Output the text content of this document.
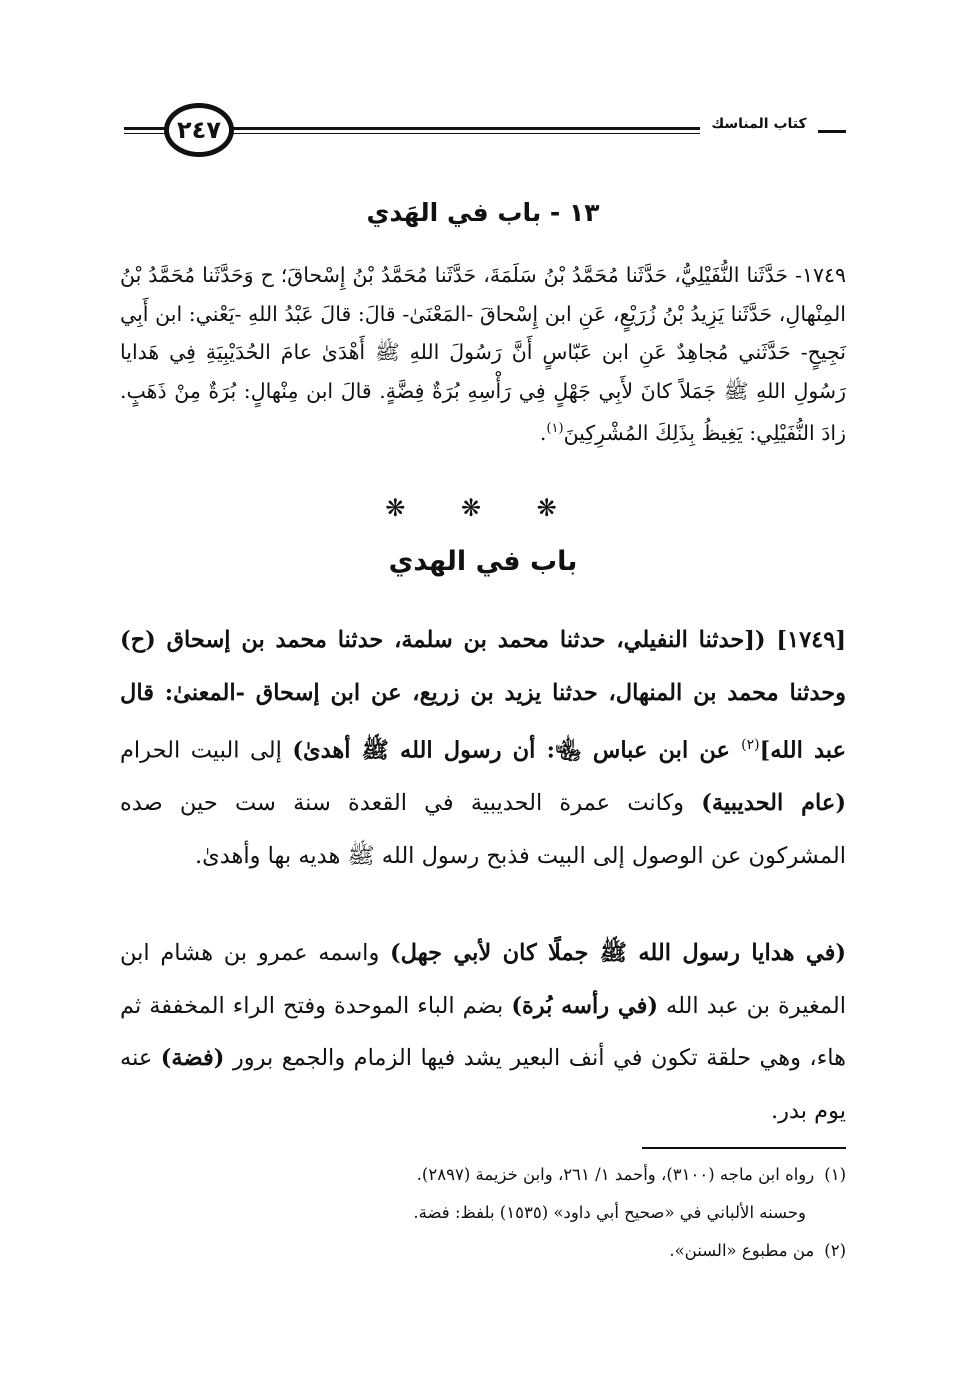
٢٤٧	كتاب المناسك
١٣ - باب في الهَدي
١٧٤٩- حَدَّثَنا النُّفَيْلِيُّ، حَدَّثَنا مُحَمَّدُ بْنُ سَلَمَةَ، حَدَّثَنا مُحَمَّدُ بْنُ إِسْحاقَ؛ ح وَحَدَّثَنا مُحَمَّدُ بْنُ المِنْهالِ، حَدَّثَنا يَزِيدُ بْنُ زُرَيْعٍ، عَنِ ابن إِسْحاقَ -المَعْنَىٰ- قالَ: قالَ عَبْدُ اللهِ -يَعْني: ابن أَبِي نَجِيحٍ- حَدَّثَني مُجاهِدٌ عَنِ ابن عَبّاسٍ أَنَّ رَسُولَ اللهِ ﷺ أَهْدَىٰ عامَ الحُدَيْبِيَةِ فِي هَدايا رَسُولِ اللهِ ﷺ جَمَلاً كانَ لأَبِي جَهْلٍ فِي رَأْسِهِ بُرَةٌ فِضَّةٍ. قالَ ابن مِنْهالٍ: بُرَةٌ مِنْ ذَهَبٍ. زادَ النُّفَيْلِي: يَغِيظُ بِذَلِكَ المُشْرِكِينَ$^{(١)}$.
❋ ❋ ❋
باب في الهدي
[١٧٤٩] ([حدثنا النفيلي، حدثنا محمد بن سلمة، حدثنا محمد بن إسحاق (ح) وحدثنا محمد بن المنهال، حدثنا يزيد بن زريع، عن ابن إسحاق -المعنىٰ: قال عبد الله]$^{(٢)}$ عن ابن عباس ﵄: أن رسول الله ﷺ أهدىٰ) إلى البيت الحرام (عام الحديبية) وكانت عمرة الحديبية في القعدة سنة ست حين صده المشركون عن الوصول إلى البيت فذبح رسول الله ﷺ هديه بها وأهدىٰ.
(في هدايا رسول الله ﷺ جملًا كان لأبي جهل) واسمه عمرو بن هشام ابن المغيرة بن عبد الله (في رأسه بُرة) بضم الباء الموحدة وفتح الراء المخففة ثم هاء، وهي حلقة تكون في أنف البعير يشد فيها الزمام والجمع برور (فضة) عنه يوم بدر.
(١)رواه ابن ماجه (٣١٠٠)، وأحمد ١/ ٢٦١، وابن خزيمة (٢٨٩٧).
وحسنه الألباني في «صحيح أبي داود» (١٥٣٥) بلفظ: فضة.
(٢)من مطبوع «السنن».
